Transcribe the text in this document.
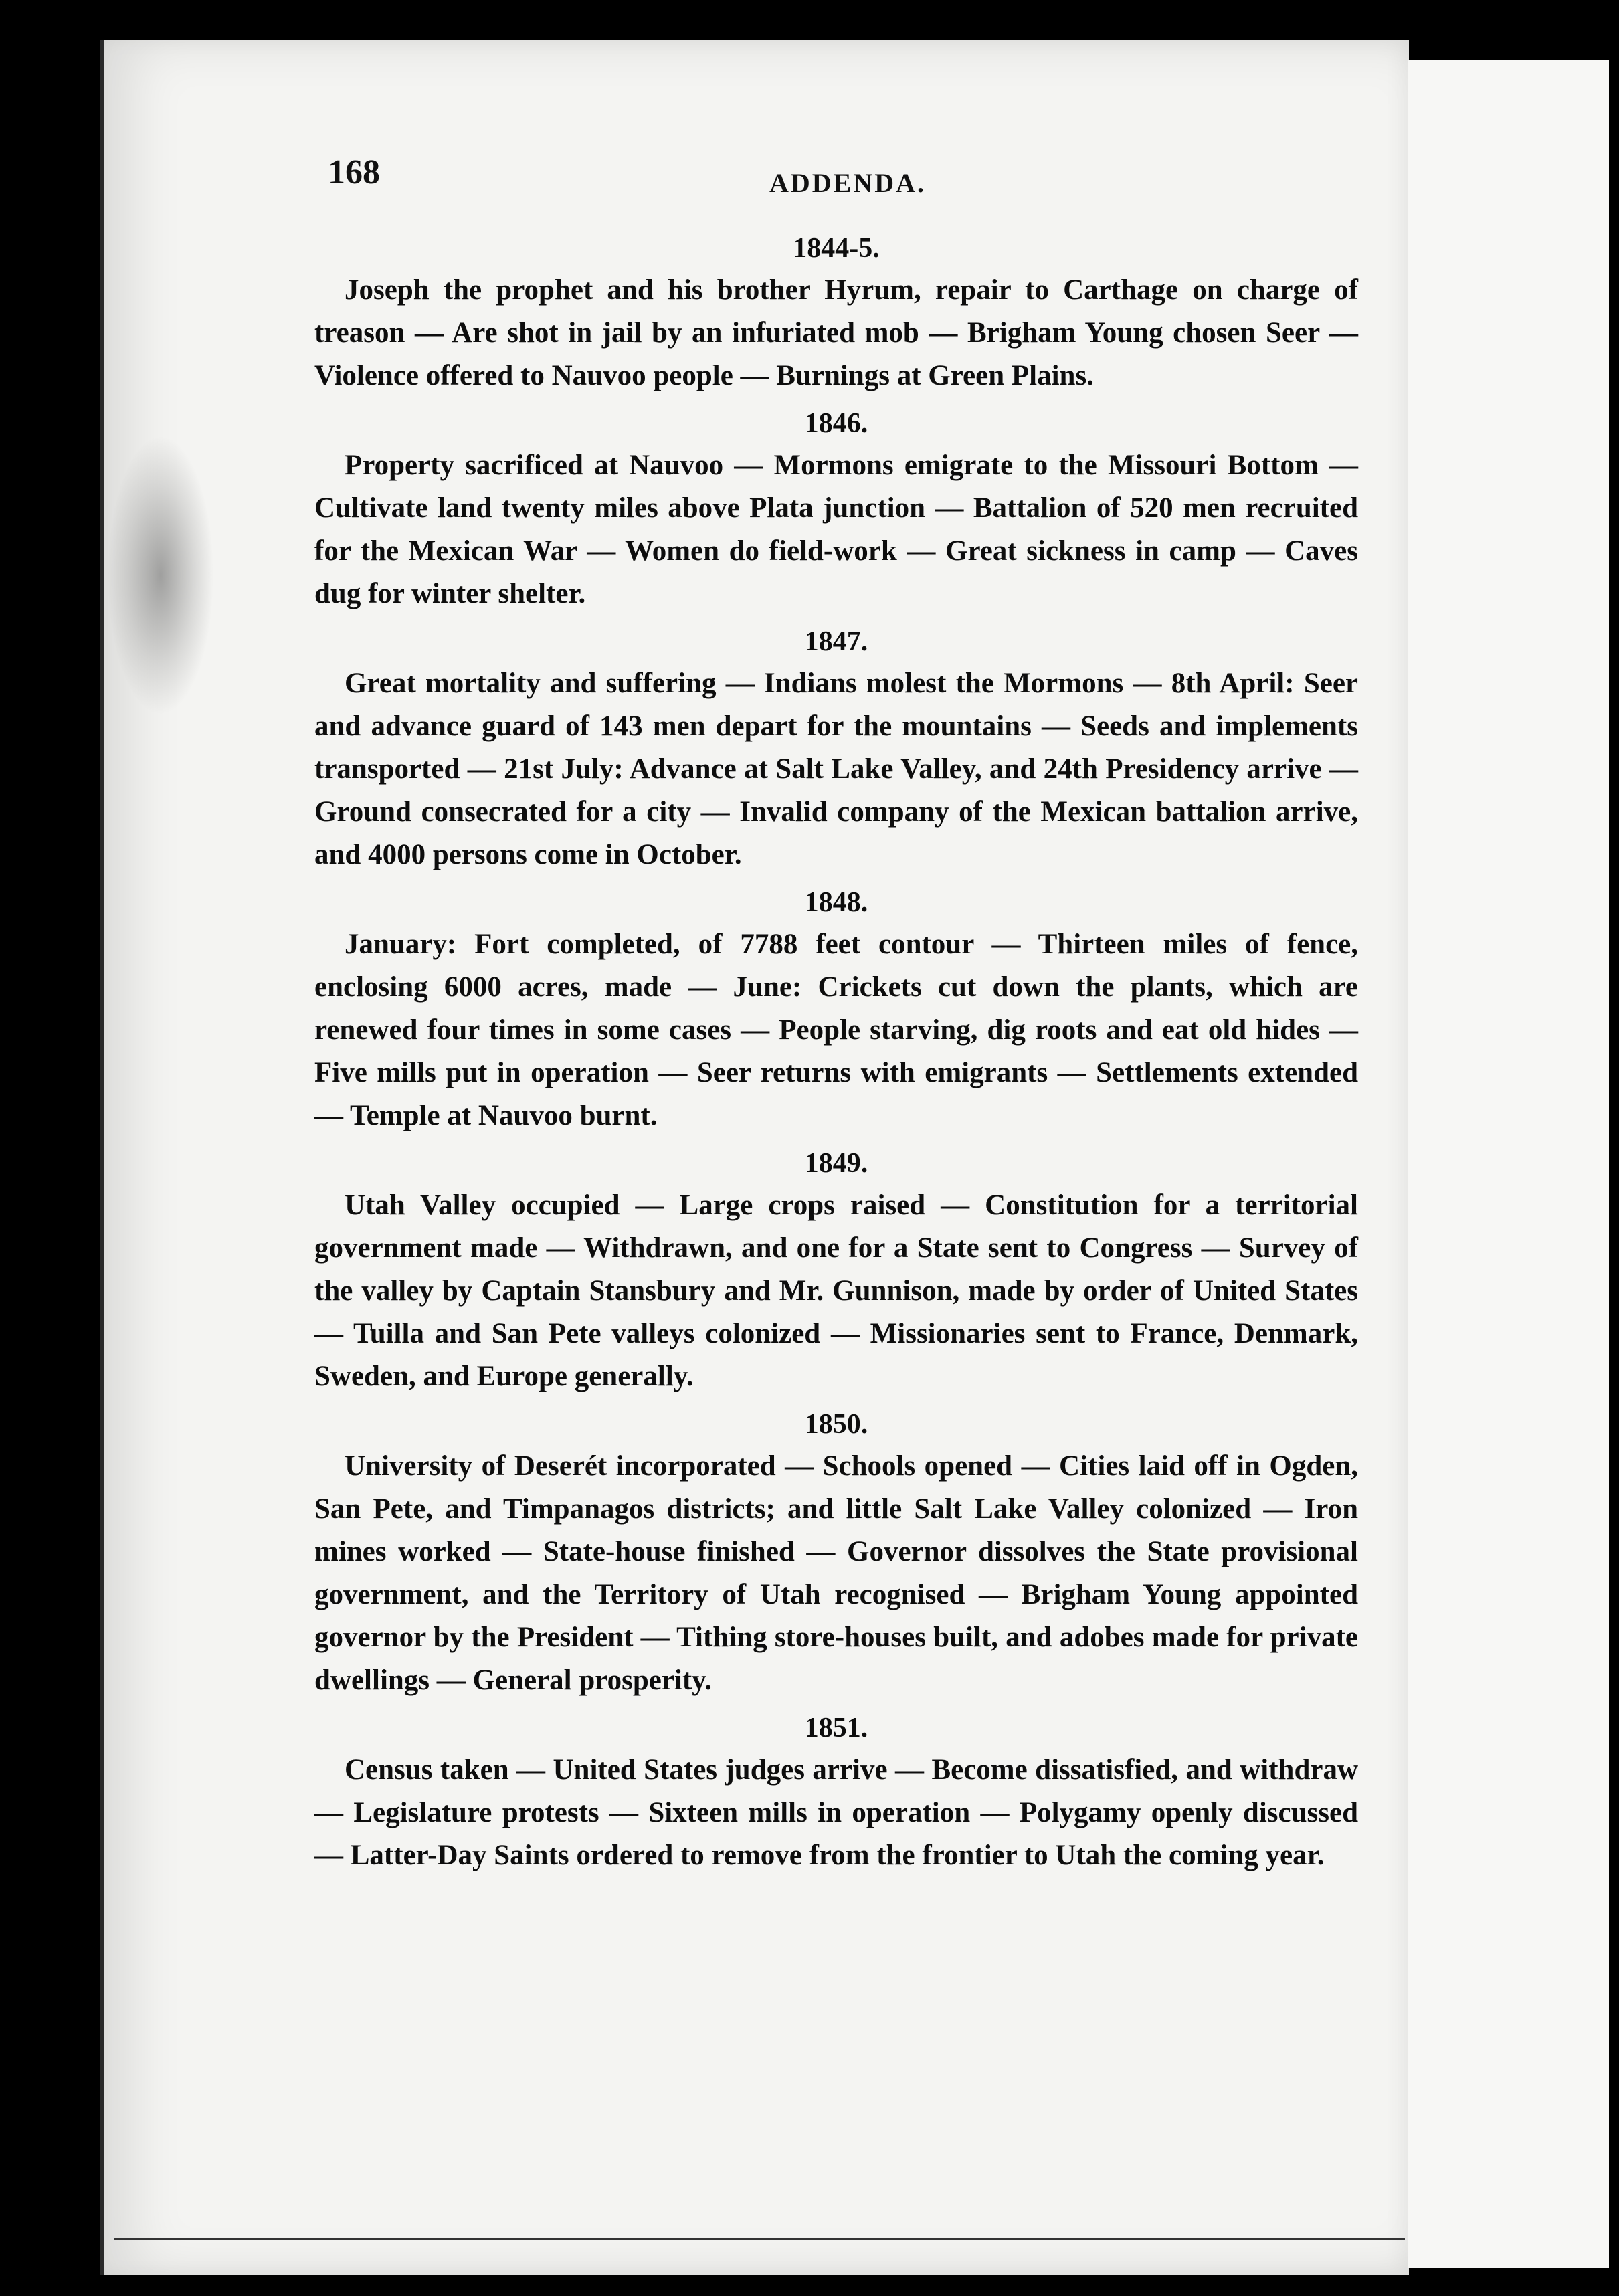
168	ADDENDA.
1844-5.

Joseph the prophet and his brother Hyrum, repair to Carthage on charge of treason — Are shot in jail by an infuriated mob — Brigham Young chosen Seer — Violence offered to Nauvoo people — Burnings at Green Plains.

1846.

Property sacrificed at Nauvoo — Mormons emigrate to the Missouri Bottom — Cultivate land twenty miles above Plata junction — Battalion of 520 men recruited for the Mexican War — Women do field-work — Great sickness in camp — Caves dug for winter shelter.

1847.

Great mortality and suffering — Indians molest the Mormons — 8th April: Seer and advance guard of 143 men depart for the mountains — Seeds and implements transported — 21st July: Advance at Salt Lake Valley, and 24th Presidency arrive — Ground consecrated for a city — Invalid company of the Mexican battalion arrive, and 4000 persons come in October.

1848.

January: Fort completed, of 7788 feet contour — Thirteen miles of fence, enclosing 6000 acres, made — June: Crickets cut down the plants, which are renewed four times in some cases — People starving, dig roots and eat old hides — Five mills put in operation — Seer returns with emigrants — Settlements extended — Temple at Nauvoo burnt.

1849.

Utah Valley occupied — Large crops raised — Constitution for a territorial government made — Withdrawn, and one for a State sent to Congress — Survey of the valley by Captain Stansbury and Mr. Gunnison, made by order of United States — Tuilla and San Pete valleys colonized — Missionaries sent to France, Denmark, Sweden, and Europe generally.

1850.

University of Deserét incorporated — Schools opened — Cities laid off in Ogden, San Pete, and Timpanagos districts; and little Salt Lake Valley colonized — Iron mines worked — State-house finished — Governor dissolves the State provisional government, and the Territory of Utah recognised — Brigham Young appointed governor by the President — Tithing store-houses built, and adobes made for private dwellings — General prosperity.

1851.

Census taken — United States judges arrive — Become dissatisfied, and withdraw — Legislature protests — Sixteen mills in operation — Polygamy openly discussed — Latter-Day Saints ordered to remove from the frontier to Utah the coming year.
